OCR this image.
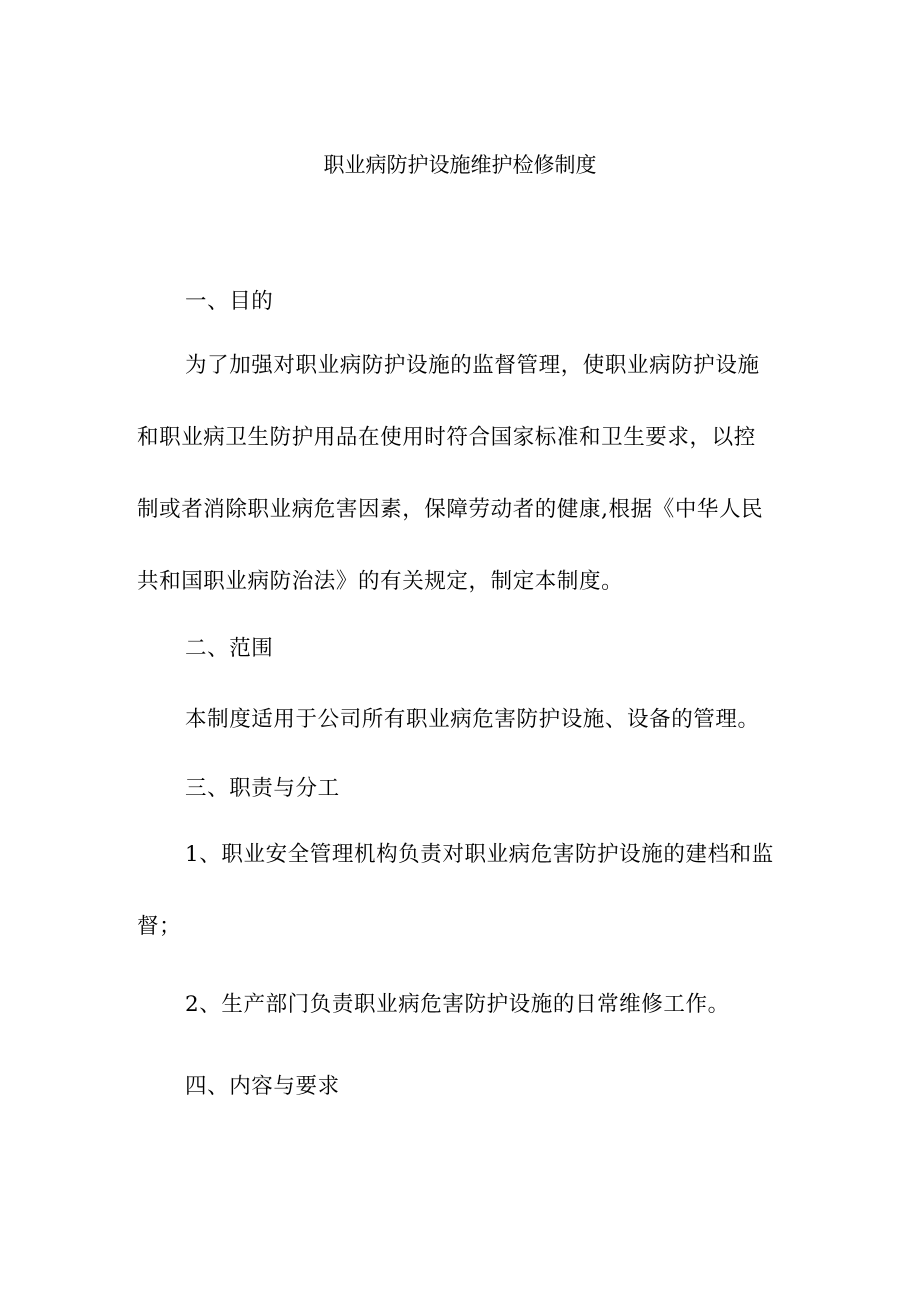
职业病防护设施维护检修制度

一、目的

为了加强对职业病防护设施的监督管理，使职业病防护设施
和职业病卫生防护用品在使用时符合国家标准和卫生要求，以控
制或者消除职业病危害因素，保障劳动者的健康,根据《中华人民
共和国职业病防治法》的有关规定，制定本制度。

二、范围

本制度适用于公司所有职业病危害防护设施、设备的管理。

三、职责与分工

1、职业安全管理机构负责对职业病危害防护设施的建档和监
督；

2、生产部门负责职业病危害防护设施的日常维修工作。

四、内容与要求
